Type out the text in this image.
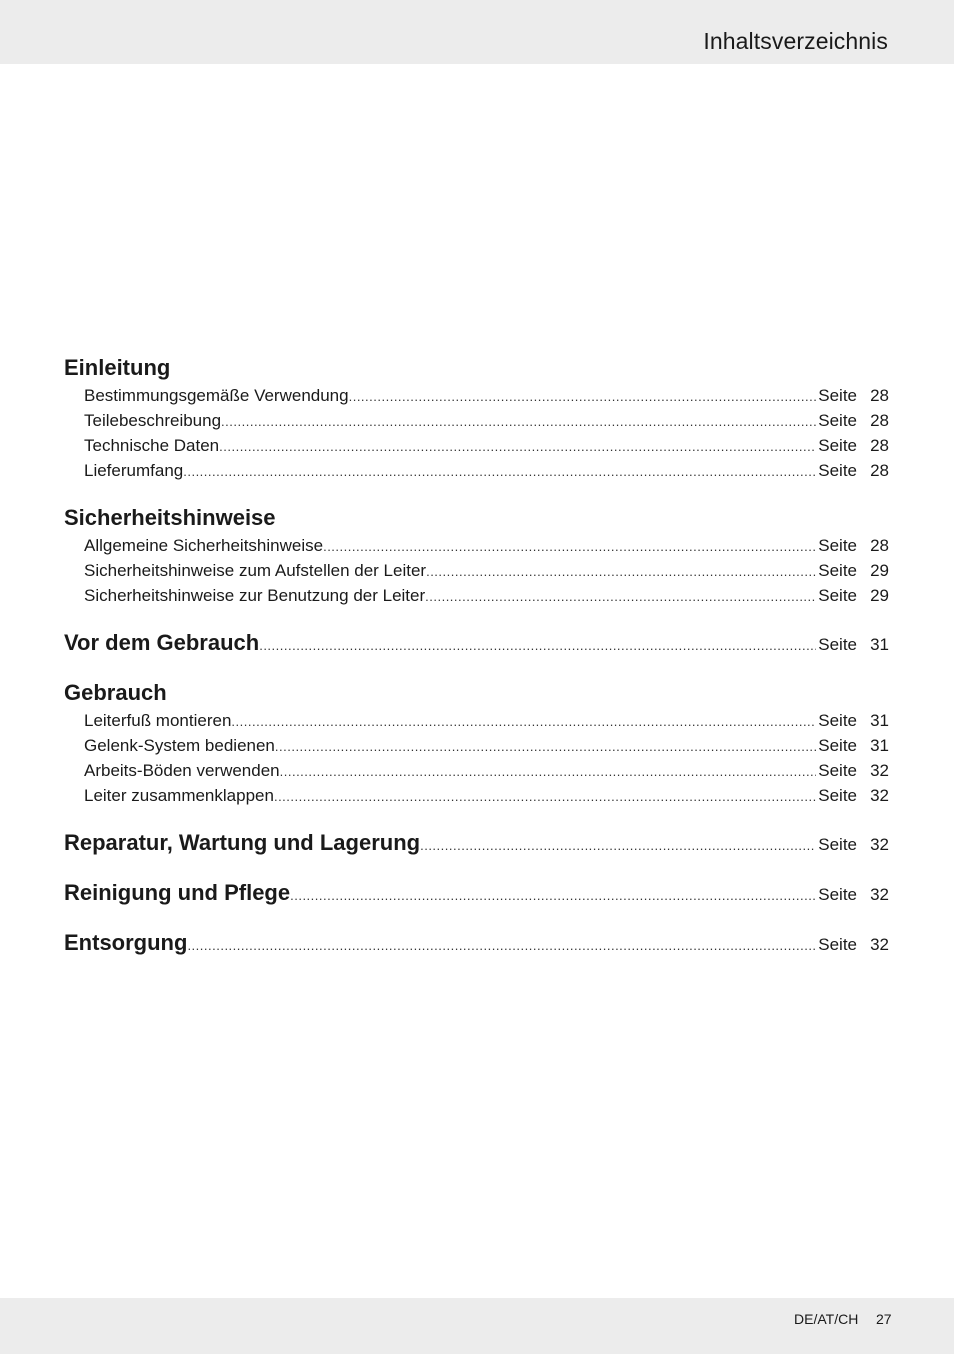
Inhaltsverzeichnis
Einleitung
Bestimmungsgemäße Verwendung .....	Seite 28
Teilebeschreibung .....	Seite 28
Technische Daten .....	Seite 28
Lieferumfang .....	Seite 28
Sicherheitshinweise
Allgemeine Sicherheitshinweise .....	Seite 28
Sicherheitshinweise zum Aufstellen der Leiter .....	Seite 29
Sicherheitshinweise zur Benutzung der Leiter .....	Seite 29
Vor dem Gebrauch .....	Seite 31
Gebrauch
Leiterfuß montieren .....	Seite 31
Gelenk-System bedienen .....	Seite 31
Arbeits-Böden verwenden .....	Seite 32
Leiter zusammenklappen .....	Seite 32
Reparatur, Wartung und Lagerung .....	Seite 32
Reinigung und Pflege .....	Seite 32
Entsorgung .....	Seite 32
DE/AT/CH 27
